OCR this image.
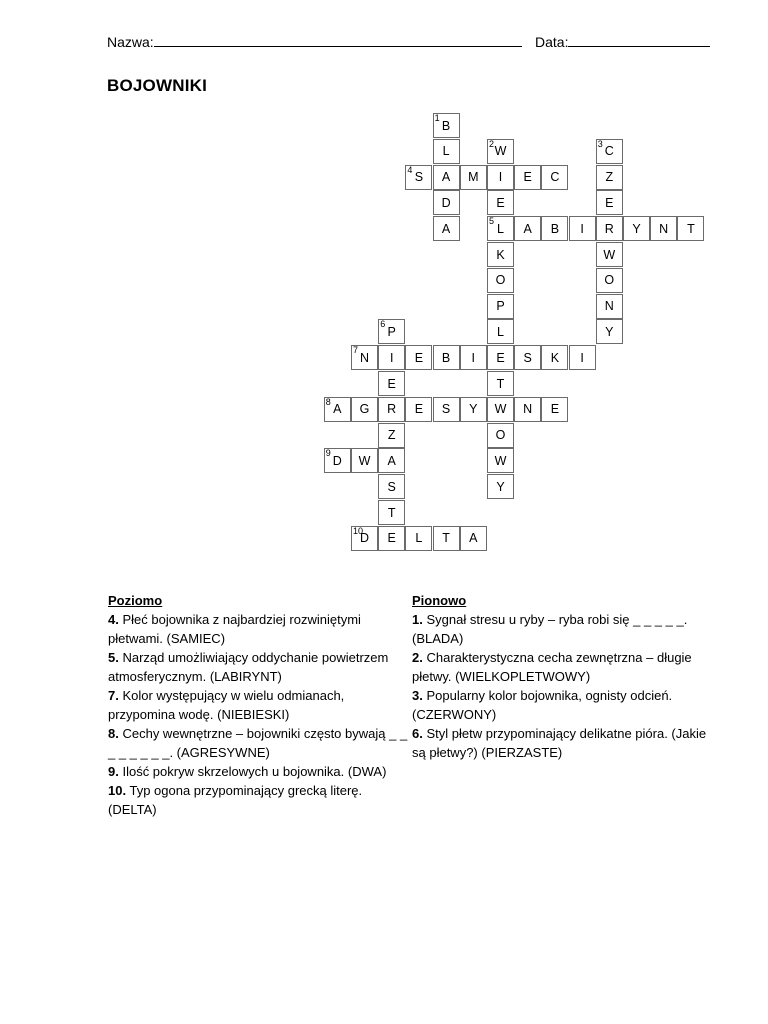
Nazwa:	Data:
BOJOWNIKI
1
B
L
A
D
A
2
W
I
E
5
L
K
O
P
L
E
T
W
O
W
Y
3
C
Z
E
R
W
O
N
Y
4
S	M	E C
A B I	Y N T
6
P
I
E
R
Z
A
S
T
E
7
N	E B I	S K I
8
A G	E S Y	N E
9
D W
10
D	L T A
Poziomo
4. Płeć bojownika z najbardziej rozwiniętymi płetwami. (SAMIEC)
5. Narząd umożliwiający oddychanie powietrzem atmosferycznym. (LABIRYNT)
7. Kolor występujący w wielu odmianach, przypomina wodę. (NIEBIESKI)
8. Cechy wewnętrzne – bojowniki często bywają _ _ _ _ _ _ _ _. (AGRESYWNE)
9. Ilość pokryw skrzelowych u bojownika. (DWA)
10. Typ ogona przypominający grecką literę. (DELTA)
Pionowo
1. Sygnał stresu u ryby – ryba robi się _ _ _ _ _. (BLADA)
2. Charakterystyczna cecha zewnętrzna – długie płetwy. (WIELKOPLETWOWY)
3. Popularny kolor bojownika, ognisty odcień. (CZERWONY)
6. Styl płetw przypominający delikatne pióra. (Jakie są płetwy?) (PIERZASTE)
